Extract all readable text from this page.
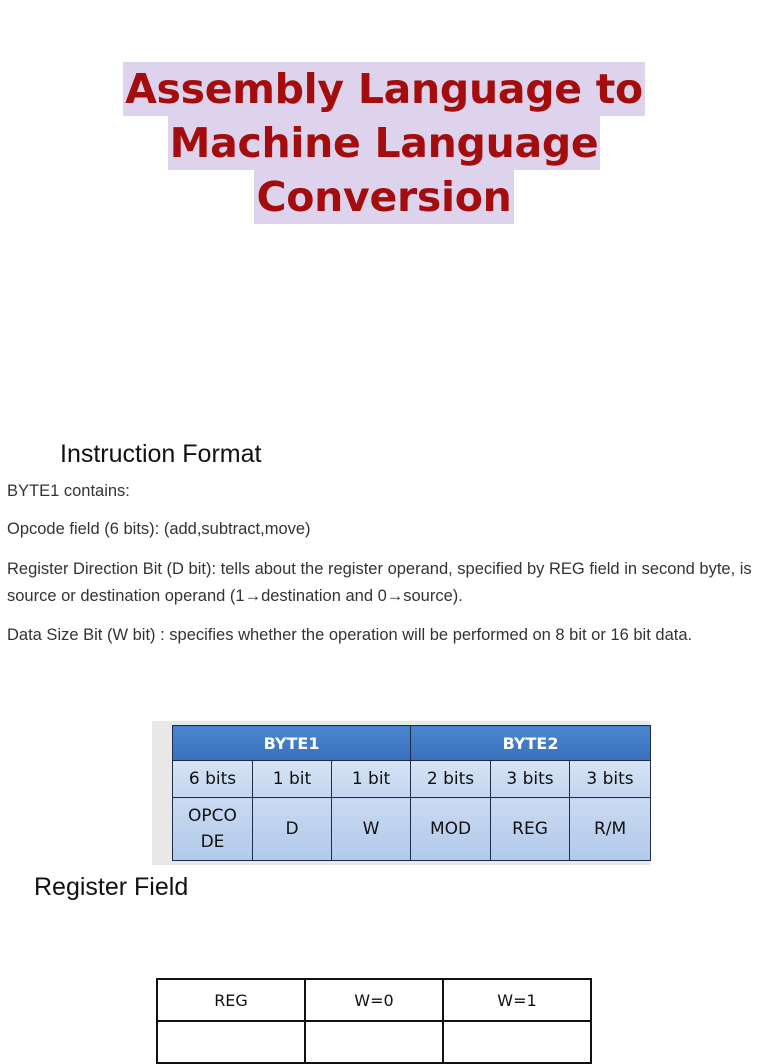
Assembly Language to
Machine Language
Conversion
Instruction Format

BYTE1 contains:

Opcode field (6 bits): (add,subtract,move)

Register Direction Bit (D bit): tells about the register operand, specified by REG field in second byte, is source or destination operand (1→destination and 0→source).

Data Size Bit (W bit) : specifies whether the operation will be performed on 8 bit or 16 bit data.

BYTE1			BYTE2		
6 bits	1 bit	1 bit	2 bits	3 bits	3 bits
OPCO
DE	D	W	MOD	REG	R/M
Register Field
REG	W=0	W=1
